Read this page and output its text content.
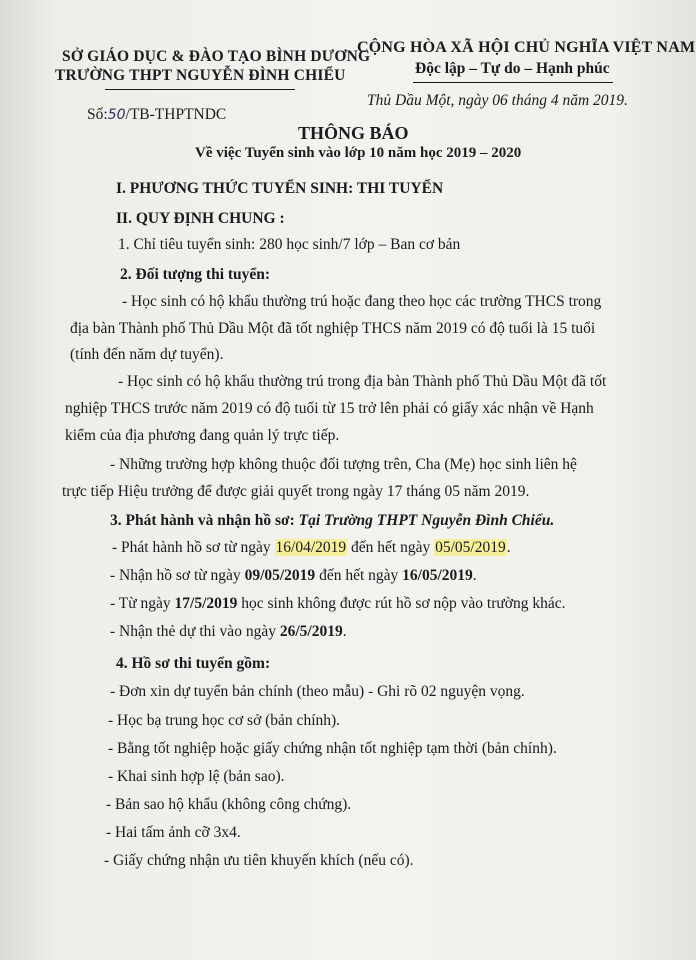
SỞ GIÁO DỤC & ĐÀO TẠO BÌNH DƯƠNG
TRƯỜNG THPT NGUYỄN ĐÌNH CHIỂU
CỘNG HÒA XÃ HỘI CHỦ NGHĨA VIỆT NAM
Độc lập – Tự do – Hạnh phúc
Số:50/TB-THPTNDC
Thủ Dầu Một, ngày 06 tháng 4 năm 2019.
THÔNG BÁO
Về việc Tuyển sinh vào lớp 10 năm học 2019 – 2020
I. PHƯƠNG THỨC TUYỂN SINH: THI TUYỂN
II. QUY ĐỊNH CHUNG :
1. Chỉ tiêu tuyển sinh: 280 học sinh/7 lớp – Ban cơ bản
2. Đối tượng thi tuyển:
- Học sinh có hộ khẩu thường trú hoặc đang theo học các trường THCS trong
địa bàn Thành phố Thủ Dầu Một đã tốt nghiệp THCS năm 2019 có độ tuổi là 15 tuổi
(tính đến năm dự tuyển).
- Học sinh có hộ khẩu thường trú trong địa bàn Thành phố Thủ Dầu Một đã tốt
nghiệp THCS trước năm 2019 có độ tuổi từ 15 trở lên phải có giấy xác nhận về Hạnh
kiểm của địa phương đang quản lý trực tiếp.
- Những trường hợp không thuộc đối tượng trên, Cha (Mẹ) học sinh liên hệ
trực tiếp Hiệu trưởng để được giải quyết trong ngày 17 tháng 05 năm 2019.
3. Phát hành và nhận hồ sơ: Tại Trường THPT Nguyễn Đình Chiểu.
- Phát hành hồ sơ từ ngày 16/04/2019 đến hết ngày 05/05/2019.
- Nhận hồ sơ từ ngày 09/05/2019 đến hết ngày 16/05/2019.
- Từ ngày 17/5/2019 học sinh không được rút hồ sơ nộp vào trường khác.
- Nhận thẻ dự thi vào ngày 26/5/2019.
4. Hồ sơ thi tuyển gồm:
- Đơn xin dự tuyển bản chính (theo mẫu) - Ghi rõ 02 nguyện vọng.
- Học bạ trung học cơ sở (bản chính).
- Bằng tốt nghiệp hoặc giấy chứng nhận tốt nghiệp tạm thời (bản chính).
- Khai sinh hợp lệ (bản sao).
- Bản sao hộ khẩu (không công chứng).
- Hai tấm ảnh cỡ 3x4.
- Giấy chứng nhận ưu tiên khuyến khích (nếu có).
